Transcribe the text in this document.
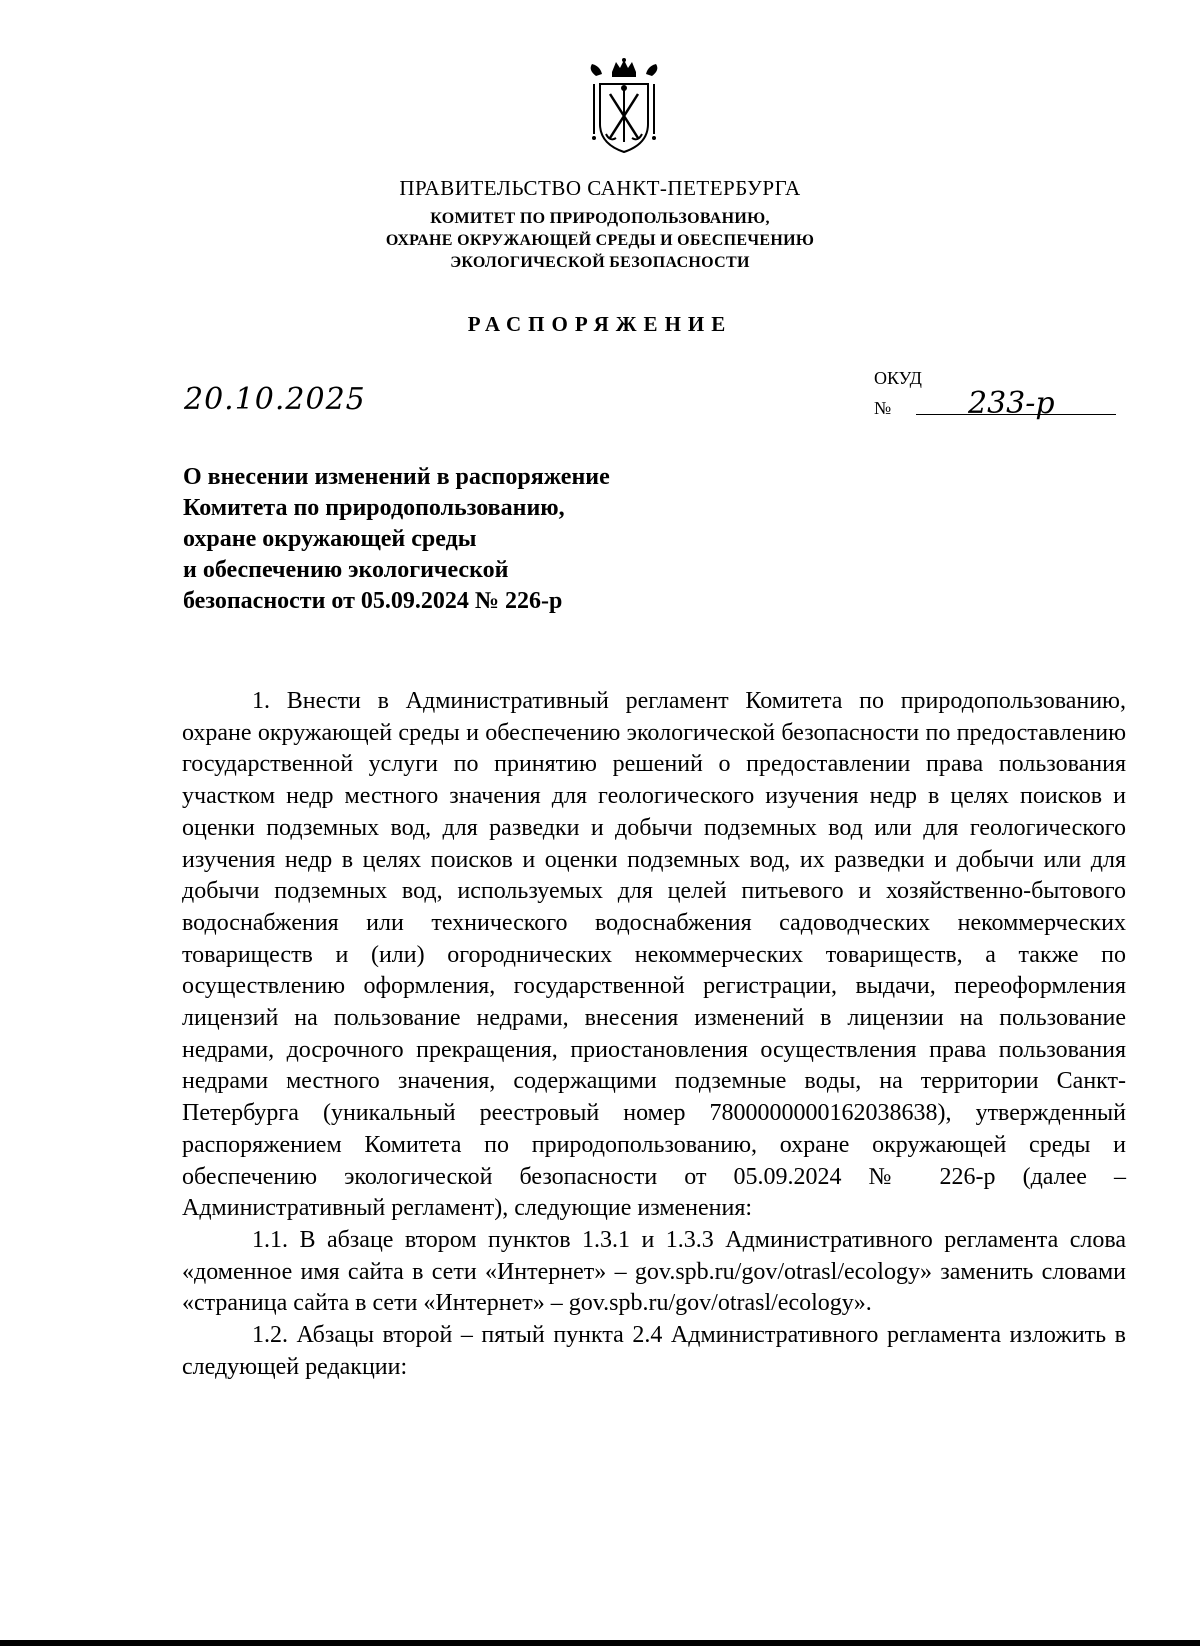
ПРАВИТЕЛЬСТВО САНКТ-ПЕТЕРБУРГА
КОМИТЕТ ПО ПРИРОДОПОЛЬЗОВАНИЮ,
ОХРАНЕ ОКРУЖАЮЩЕЙ СРЕДЫ И ОБЕСПЕЧЕНИЮ
ЭКОЛОГИЧЕСКОЙ БЕЗОПАСНОСТИ
РАСПОРЯЖЕНИЕ
20.10.2025
ОКУД
№	233-р
О внесении изменений в распоряжение
Комитета по природопользованию,
охране окружающей среды
и обеспечению экологической
безопасности от 05.09.2024 № 226-р

1. Внести в Административный регламент Комитета по природопользованию, охране окружающей среды и обеспечению экологической безопасности по предоставлению государственной услуги по принятию решений о предоставлении права пользования участком недр местного значения для геологического изучения недр в целях поисков и оценки подземных вод, для разведки и добычи подземных вод или для геологического изучения недр в целях поисков и оценки подземных вод, их разведки и добычи или для добычи подземных вод, используемых для целей питьевого и хозяйственно-бытового водоснабжения или технического водоснабжения садоводческих некоммерческих товариществ и (или) огороднических некоммерческих товариществ, а также по осуществлению оформления, государственной регистрации, выдачи, переоформления лицензий на пользование недрами, внесения изменений в лицензии на пользование недрами, досрочного прекращения, приостановления осуществления права пользования недрами местного значения, содержащими подземные воды, на территории Санкт-Петербурга (уникальный реестровый номер 7800000000162038638), утвержденный распоряжением Комитета по природопользованию, охране окружающей среды и обеспечению экологической безопасности от 05.09.2024 № 226-р (далее – Административный регламент), следующие изменения:

1.1. В абзаце втором пунктов 1.3.1 и 1.3.3 Административного регламента слова «доменное имя сайта в сети «Интернет» – gov.spb.ru/gov/otrasl/ecology» заменить словами «страница сайта в сети «Интернет» – gov.spb.ru/gov/otrasl/ecology».

1.2. Абзацы второй – пятый пункта 2.4 Административного регламента изложить в следующей редакции:
